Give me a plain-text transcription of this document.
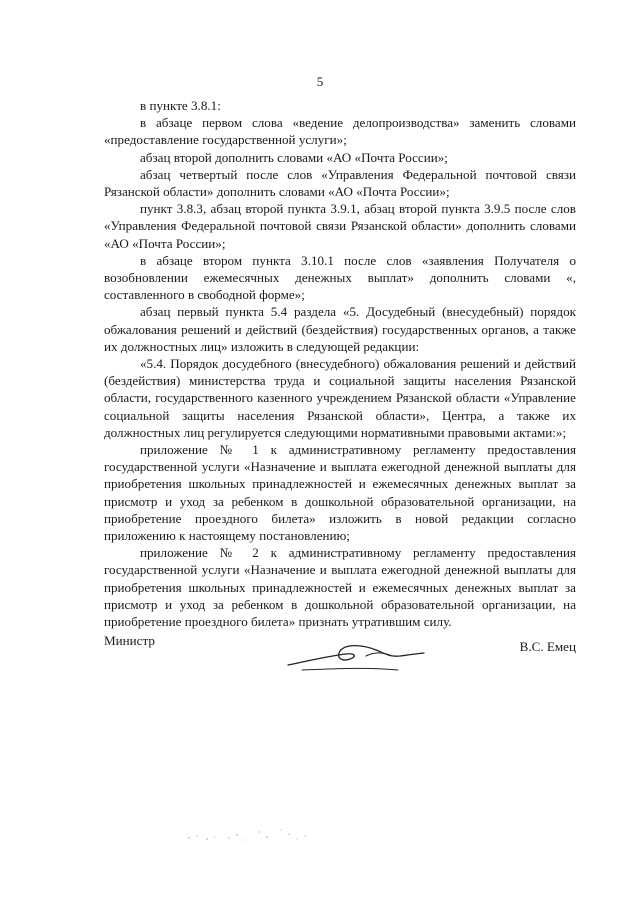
5

в пункте 3.8.1:

в абзаце первом слова «ведение делопроизводства» заменить словами «предоставление государственной услуги»;

абзац второй дополнить словами «АО «Почта России»;

абзац четвертый после слов «Управления Федеральной почтовой связи Рязанской области» дополнить словами «АО «Почта России»;

пункт 3.8.3, абзац второй пункта 3.9.1, абзац второй пункта 3.9.5 после слов «Управления Федеральной почтовой связи Рязанской области» дополнить словами «АО «Почта России»;

в абзаце втором пункта 3.10.1 после слов «заявления Получателя о возобновлении ежемесячных денежных выплат» дополнить словами «, составленного в свободной форме»;

абзац первый пункта 5.4 раздела «5. Досудебный (внесудебный) порядок обжалования решений и действий (бездействия) государственных органов, а также их должностных лиц» изложить в следующей редакции:

«5.4. Порядок досудебного (внесудебного) обжалования решений и действий (бездействия) министерства труда и социальной защиты населения Рязанской области, государственного казенного учреждением Рязанской области «Управление социальной защиты населения Рязанской области», Центра, а также их должностных лиц регулируется следующими нормативными правовыми актами:»;

приложение № 1 к административному регламенту предоставления государственной услуги «Назначение и выплата ежегодной денежной выплаты для приобретения школьных принадлежностей и ежемесячных денежных выплат за присмотр и уход за ребенком в дошкольной образовательной организации, на приобретение проездного билета» изложить в новой редакции согласно приложению к настоящему постановлению;

приложение № 2 к административному регламенту предоставления государственной услуги «Назначение и выплата ежегодной денежной выплаты для приобретения школьных принадлежностей и ежемесячных денежных выплат за присмотр и уход за ребенком в дошкольной образовательной организации, на приобретение проездного билета» признать утратившим силу.

Министр	В.С. Емец
